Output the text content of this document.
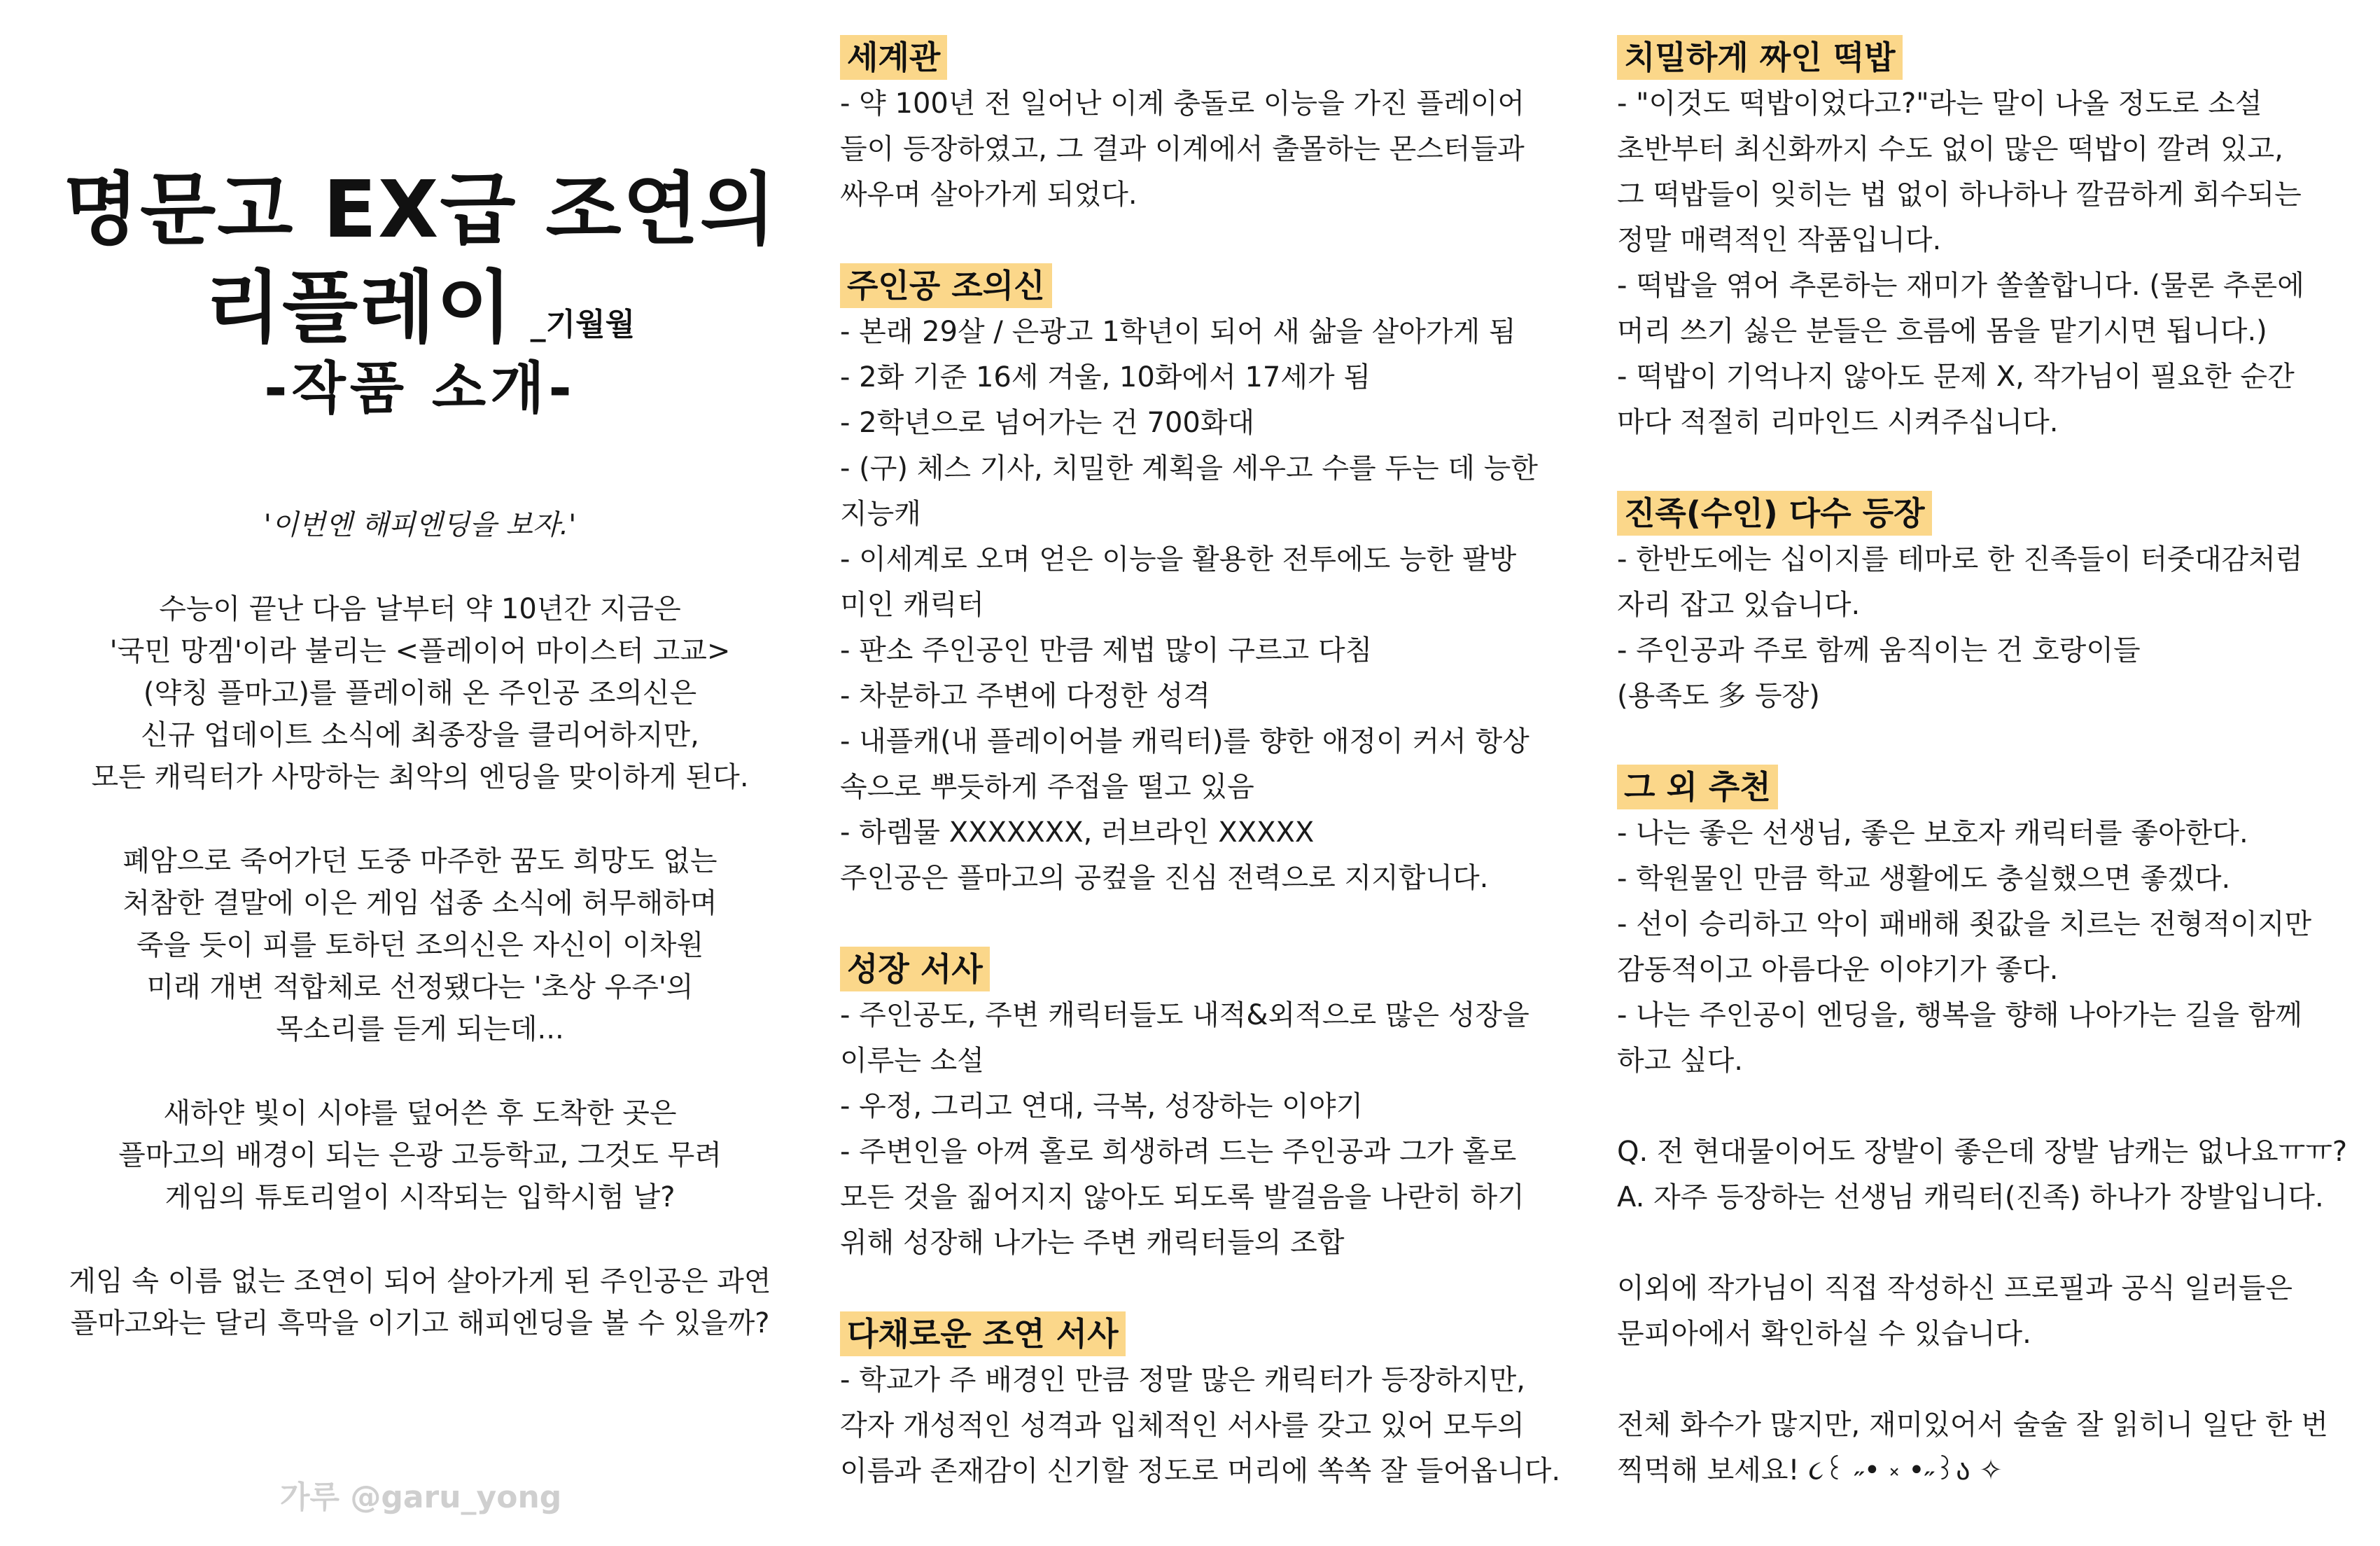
명문고 EX급 조연의
리플레이 _기월월
-작품 소개-

'이번엔 해피엔딩을 보자.'

수능이 끝난 다음 날부터 약 10년간 지금은
'국민 망겜'이라 불리는 <플레이어 마이스터 고교>
(약칭 플마고)를 플레이해 온 주인공 조의신은
신규 업데이트 소식에 최종장을 클리어하지만,
모든 캐릭터가 사망하는 최악의 엔딩을 맞이하게 된다.

폐암으로 죽어가던 도중 마주한 꿈도 희망도 없는
처참한 결말에 이은 게임 섭종 소식에 허무해하며
죽을 듯이 피를 토하던 조의신은 자신이 이차원
미래 개변 적합체로 선정됐다는 '초상 우주'의
목소리를 듣게 되는데...

새하얀 빛이 시야를 덮어쓴 후 도착한 곳은
플마고의 배경이 되는 은광 고등학교, 그것도 무려
게임의 튜토리얼이 시작되는 입학시험 날?

게임 속 이름 없는 조연이 되어 살아가게 된 주인공은 과연
플마고와는 달리 흑막을 이기고 해피엔딩을 볼 수 있을까?

가루 @garu_yong
세계관
- 약 100년 전 일어난 이계 충돌로 이능을 가진 플레이어
들이 등장하였고, 그 결과 이계에서 출몰하는 몬스터들과
싸우며 살아가게 되었다.
주인공 조의신
- 본래 29살 / 은광고 1학년이 되어 새 삶을 살아가게 됨
- 2화 기준 16세 겨울, 10화에서 17세가 됨
- 2학년으로 넘어가는 건 700화대
- (구) 체스 기사, 치밀한 계획을 세우고 수를 두는 데 능한
지능캐
- 이세계로 오며 얻은 이능을 활용한 전투에도 능한 팔방
미인 캐릭터
- 판소 주인공인 만큼 제법 많이 구르고 다침
- 차분하고 주변에 다정한 성격
- 내플캐(내 플레이어블 캐릭터)를 향한 애정이 커서 항상
속으로 뿌듯하게 주접을 떨고 있음
- 하렘물 XXXXXXX, 러브라인 XXXXX
주인공은 플마고의 공컾을 진심 전력으로 지지합니다.
성장 서사
- 주인공도, 주변 캐릭터들도 내적&외적으로 많은 성장을
이루는 소설
- 우정, 그리고 연대, 극복, 성장하는 이야기
- 주변인을 아껴 홀로 희생하려 드는 주인공과 그가 홀로
모든 것을 짊어지지 않아도 되도록 발걸음을 나란히 하기
위해 성장해 나가는 주변 캐릭터들의 조합
다채로운 조연 서사
- 학교가 주 배경인 만큼 정말 많은 캐릭터가 등장하지만,
각자 개성적인 성격과 입체적인 서사를 갖고 있어 모두의
이름과 존재감이 신기할 정도로 머리에 쏙쏙 잘 들어옵니다.
치밀하게 짜인 떡밥
- "이것도 떡밥이었다고?"라는 말이 나올 정도로 소설
초반부터 최신화까지 수도 없이 많은 떡밥이 깔려 있고,
그 떡밥들이 잊히는 법 없이 하나하나 깔끔하게 회수되는
정말 매력적인 작품입니다.
- 떡밥을 엮어 추론하는 재미가 쏠쏠합니다. (물론 추론에
머리 쓰기 싫은 분들은 흐름에 몸을 맡기시면 됩니다.)
- 떡밥이 기억나지 않아도 문제 X, 작가님이 필요한 순간
마다 적절히 리마인드 시켜주십니다.
진족(수인) 다수 등장
- 한반도에는 십이지를 테마로 한 진족들이 터줏대감처럼
자리 잡고 있습니다.
- 주인공과 주로 함께 움직이는 건 호랑이들
(용족도 多 등장)
그 외 추천
- 나는 좋은 선생님, 좋은 보호자 캐릭터를 좋아한다.
- 학원물인 만큼 학교 생활에도 충실했으면 좋겠다.
- 선이 승리하고 악이 패배해 죗값을 치르는 전형적이지만
감동적이고 아름다운 이야기가 좋다.
- 나는 주인공이 엔딩을, 행복을 향해 나아가는 길을 함께
하고 싶다.
Q. 전 현대물이어도 장발이 좋은데 장발 남캐는 없나요ㅠㅠ?
A. 자주 등장하는 선생님 캐릭터(진족) 하나가 장발입니다.
이외에 작가님이 직접 작성하신 프로필과 공식 일러들은
문피아에서 확인하실 수 있습니다.
전체 화수가 많지만, 재미있어서 술술 잘 읽히니 일단 한 번
찍먹해 보세요! ૮꒰ ˶• ༝ •˶꒱ა ✧
